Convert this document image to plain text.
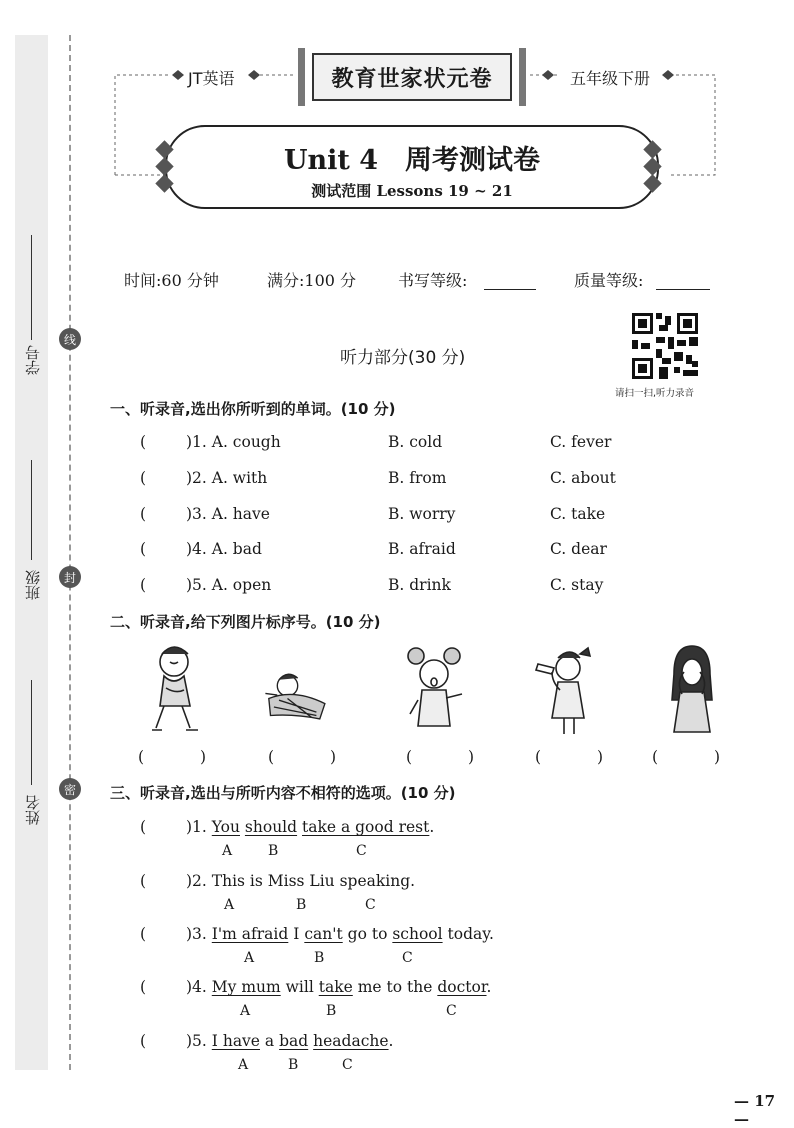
学号
班级
姓名
线
封
密
JT英语	五年级下册
教育世家状元卷
Unit 4　周考测试卷
测试范围 Lessons 19 ~ 21
时间:60 分钟	满分:100 分	书写等级:	质量等级:
听力部分(30 分)
请扫一扫,听力录音
一、听录音,选出你所听到的单词。(10 分)
(	)1. A. cough	B. cold	C. fever
(	)2. A. with	B. from	C. about
(	)3. A. have	B. worry	C. take
(	)4. A. bad	B. afraid	C. dear
(	)5. A. open	B. drink	C. stay
二、听录音,给下列图片标序号。(10 分)
(	)	(	)	(	)	(	)	(	)
三、听录音,选出与所听内容不相符的选项。(10 分)
(	)1. You should take a good rest.
A	B	C
(	)2. This is Miss Liu speaking.
A	B	C
(	)3. I'm afraid I can't go to school today.
A	B	C
(	)4. My mum will take me to the doctor.
A	B	C
(	)5. I have a bad headache.
A	B	C
— 17 —
